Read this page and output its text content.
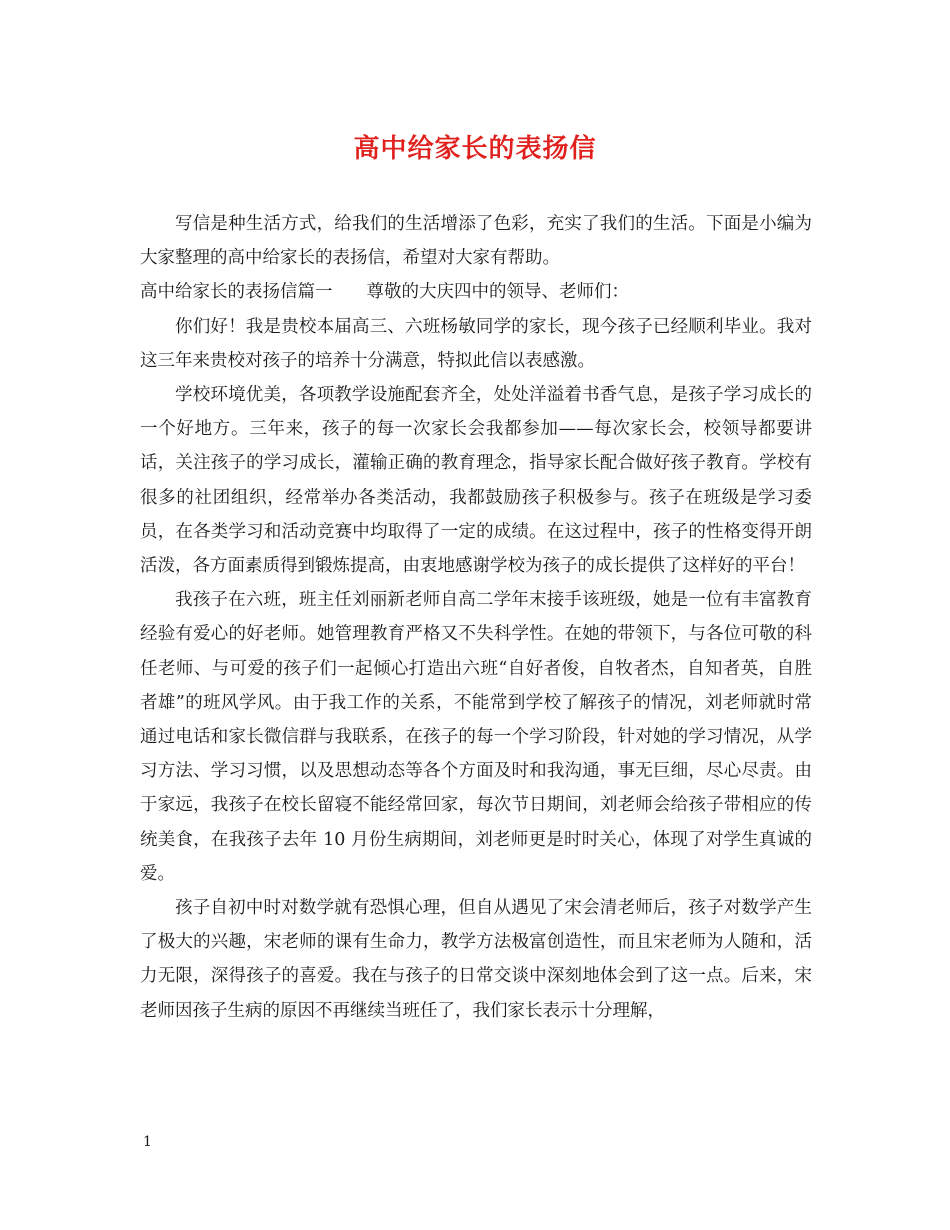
高中给家长的表扬信

写信是种生活方式，给我们的生活增添了色彩，充实了我们的生活。下面是小编为大家整理的高中给家长的表扬信，希望对大家有帮助。

高中给家长的表扬信篇一 尊敬的大庆四中的领导、老师们：

你们好！我是贵校本届高三、六班杨敏同学的家长，现今孩子已经顺利毕业。我对这三年来贵校对孩子的培养十分满意，特拟此信以表感激。

学校环境优美，各项教学设施配套齐全，处处洋溢着书香气息，是孩子学习成长的一个好地方。三年来，孩子的每一次家长会我都参加——每次家长会，校领导都要讲话，关注孩子的学习成长，灌输正确的教育理念，指导家长配合做好孩子教育。学校有很多的社团组织，经常举办各类活动，我都鼓励孩子积极参与。孩子在班级是学习委员，在各类学习和活动竞赛中均取得了一定的成绩。在这过程中，孩子的性格变得开朗活泼，各方面素质得到锻炼提高，由衷地感谢学校为孩子的成长提供了这样好的平台！

我孩子在六班，班主任刘丽新老师自高二学年末接手该班级，她是一位有丰富教育经验有爱心的好老师。她管理教育严格又不失科学性。在她的带领下，与各位可敬的科任老师、与可爱的孩子们一起倾心打造出六班“自好者俊，自牧者杰，自知者英，自胜者雄”的班风学风。由于我工作的关系，不能常到学校了解孩子的情况，刘老师就时常通过电话和家长微信群与我联系，在孩子的每一个学习阶段，针对她的学习情况，从学习方法、学习习惯，以及思想动态等各个方面及时和我沟通，事无巨细，尽心尽责。由于家远，我孩子在校长留寝不能经常回家，每次节日期间，刘老师会给孩子带相应的传统美食，在我孩子去年 10 月份生病期间，刘老师更是时时关心，体现了对学生真诚的爱。

孩子自初中时对数学就有恐惧心理，但自从遇见了宋会清老师后，孩子对数学产生了极大的兴趣，宋老师的课有生命力，教学方法极富创造性，而且宋老师为人随和，活力无限，深得孩子的喜爱。我在与孩子的日常交谈中深刻地体会到了这一点。后来，宋老师因孩子生病的原因不再继续当班任了，我们家长表示十分理解，

1
